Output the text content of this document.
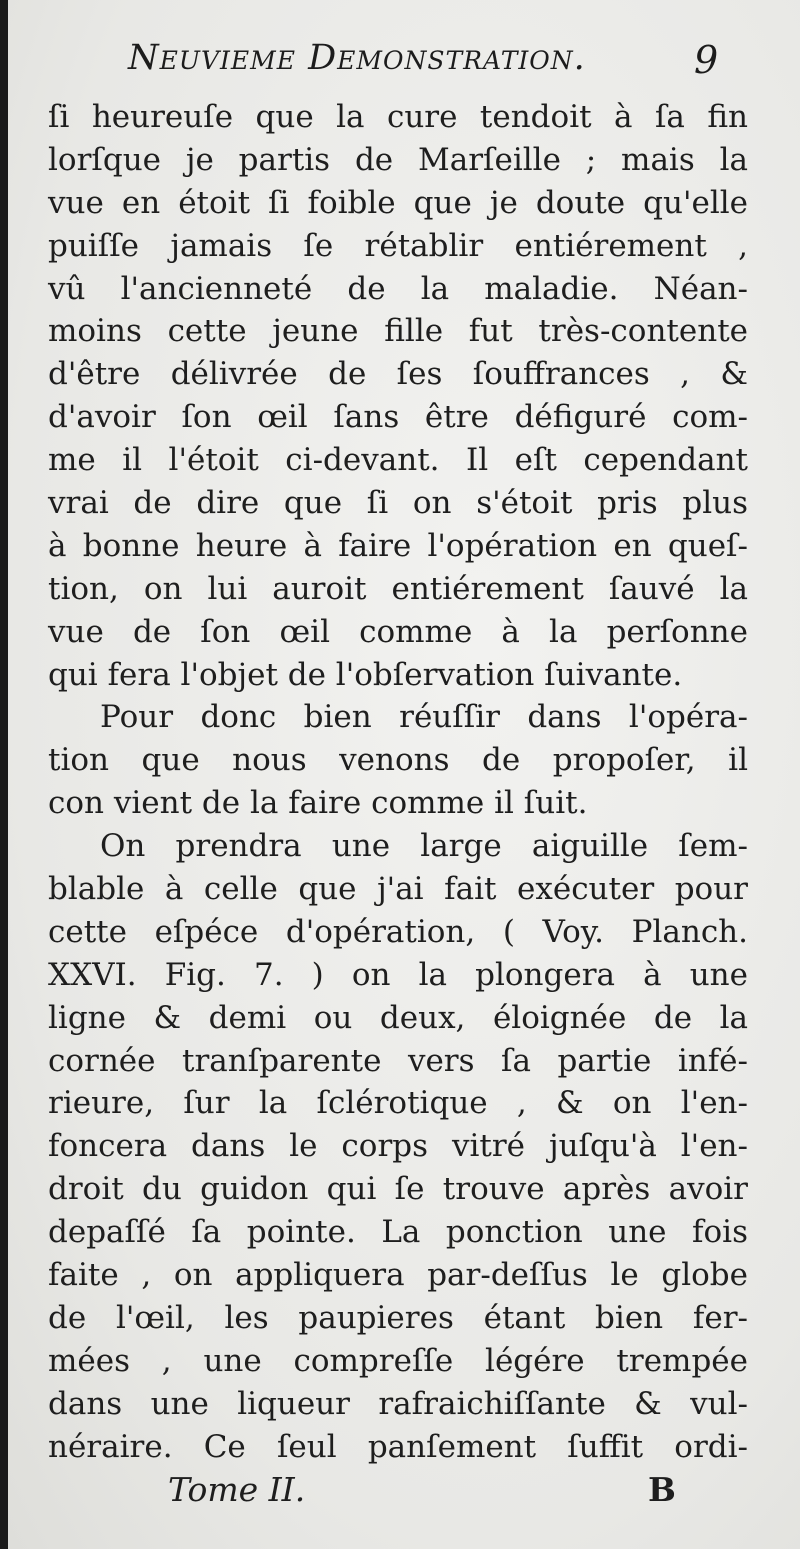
Neuvieme Demonstration.	9
ſi heureuſe que la cure tendoit à ſa fin
lorſque je partis de Marſeille ; mais la
vue en étoit ſi foible que je doute qu'elle
puiſſe jamais ſe rétablir entiérement ,
vû l'ancienneté de la maladie. Néan-
moins cette jeune fille fut très-contente
d'être délivrée de ſes ſouffrances , &
d'avoir ſon œil ſans être défiguré com-
me il l'étoit ci-devant. Il eſt cependant
vrai de dire que ſi on s'étoit pris plus
à bonne heure à faire l'opération en queſ-
tion, on lui auroit entiérement ſauvé la
vue de ſon œil comme à la perſonne
qui fera l'objet de l'obſervation ſuivante.
Pour donc bien réuſſir dans l'opéra-
tion que nous venons de propoſer, il
con vient de la faire comme il ſuit.
On prendra une large aiguille ſem-
blable à celle que j'ai fait exécuter pour
cette eſpéce d'opération, ( Voy. Planch.
XXVI. Fig. 7. ) on la plongera à une
ligne & demi ou deux, éloignée de la
cornée tranſparente vers ſa partie infé-
rieure, ſur la ſclérotique , & on l'en-
foncera dans le corps vitré juſqu'à l'en-
droit du guidon qui ſe trouve après avoir
depaſſé ſa pointe. La ponction une fois
faite , on appliquera par-deſſus le globe
de l'œil, les paupieres étant bien fer-
mées , une compreſſe légére trempée
dans une liqueur rafraichiſſante & vul-
néraire. Ce ſeul panſement ſuffit ordi-
Tome II.	B
